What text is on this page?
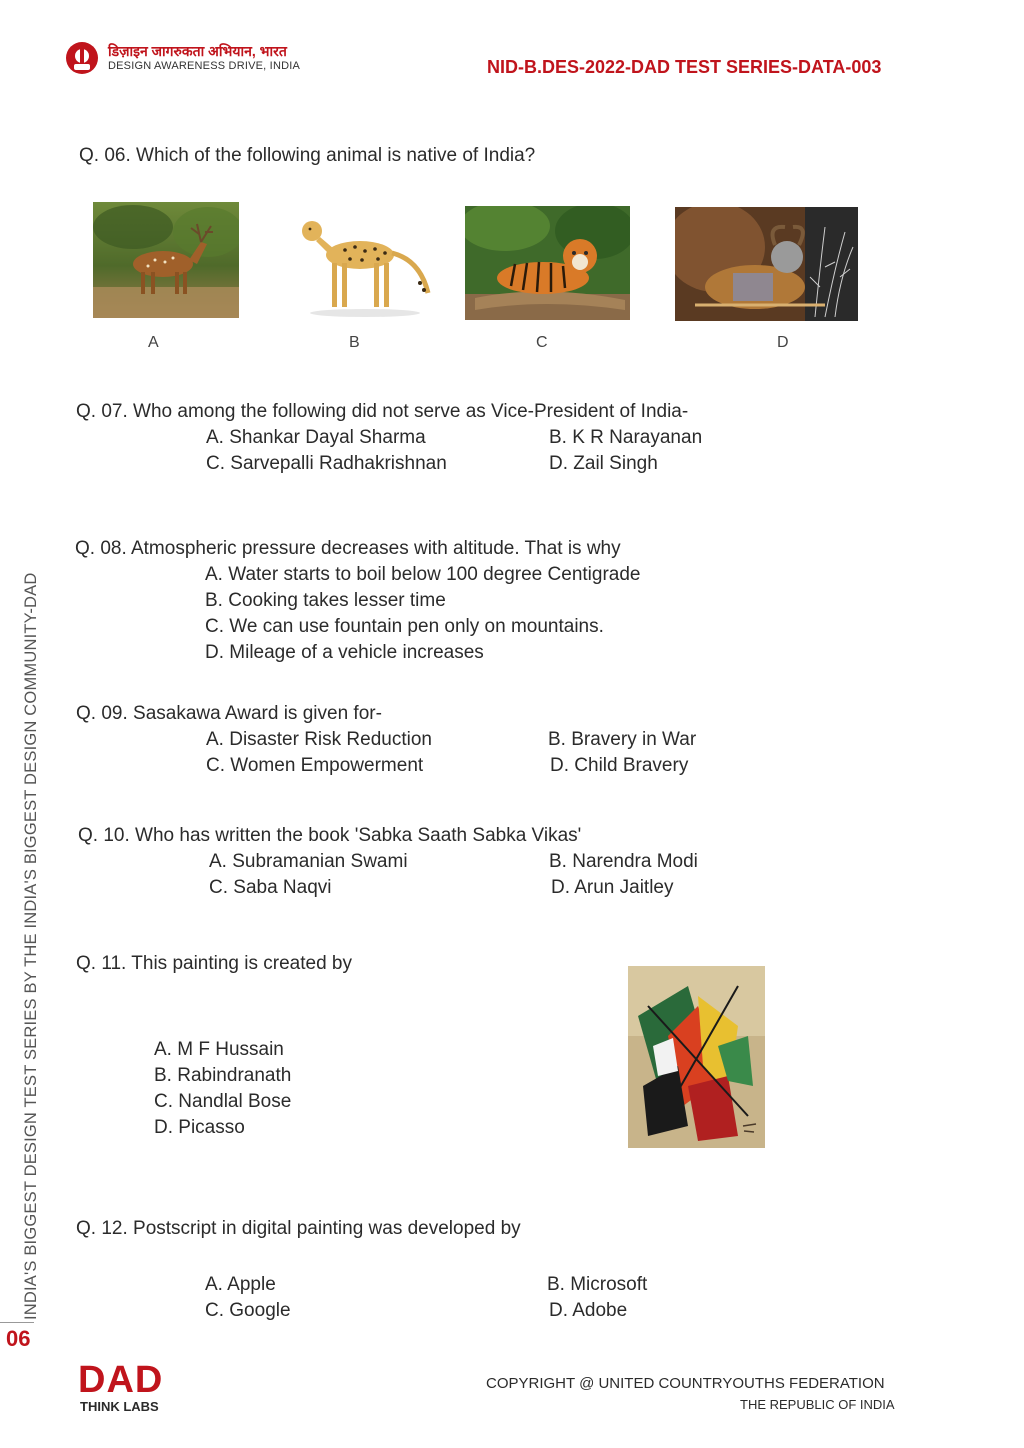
डिज़ाइन जागरुकता अभियान, भारत
DESIGN AWARENESS DRIVE, INDIA	NID-B.DES-2022-DAD TEST SERIES-DATA-003
INDIA'S BIGGEST DESIGN TEST SERIES BY THE INDIA'S BIGGEST DESIGN COMMUNITY-DAD
06
Q. 06. Which of the following animal is native of India?
A	B	C	D
Q. 07. Who among the following did not serve as Vice-President of India-
A. Shankar Dayal Sharma	B. K R Narayanan
C. Sarvepalli Radhakrishnan	D. Zail Singh
Q. 08. Atmospheric pressure decreases with altitude. That is why
A. Water starts to boil below 100 degree Centigrade
B. Cooking takes lesser time
C. We can use fountain pen only on mountains.
D. Mileage of a vehicle increases
Q. 09. Sasakawa Award is given for-
A. Disaster Risk Reduction	B. Bravery in War
C. Women Empowerment	D. Child Bravery
Q. 10. Who has written the book 'Sabka Saath Sabka Vikas'
A. Subramanian Swami	B. Narendra Modi
C. Saba Naqvi	D. Arun Jaitley
Q. 11. This painting is created by
A. M F Hussain
B. Rabindranath
C. Nandlal Bose
D. Picasso
Q. 12. Postscript in digital painting was developed by
A. Apple	B. Microsoft
C. Google	D. Adobe
DAD
THINK LABS
COPYRIGHT @ UNITED COUNTRYOUTHS FEDERATION
THE REPUBLIC OF INDIA
